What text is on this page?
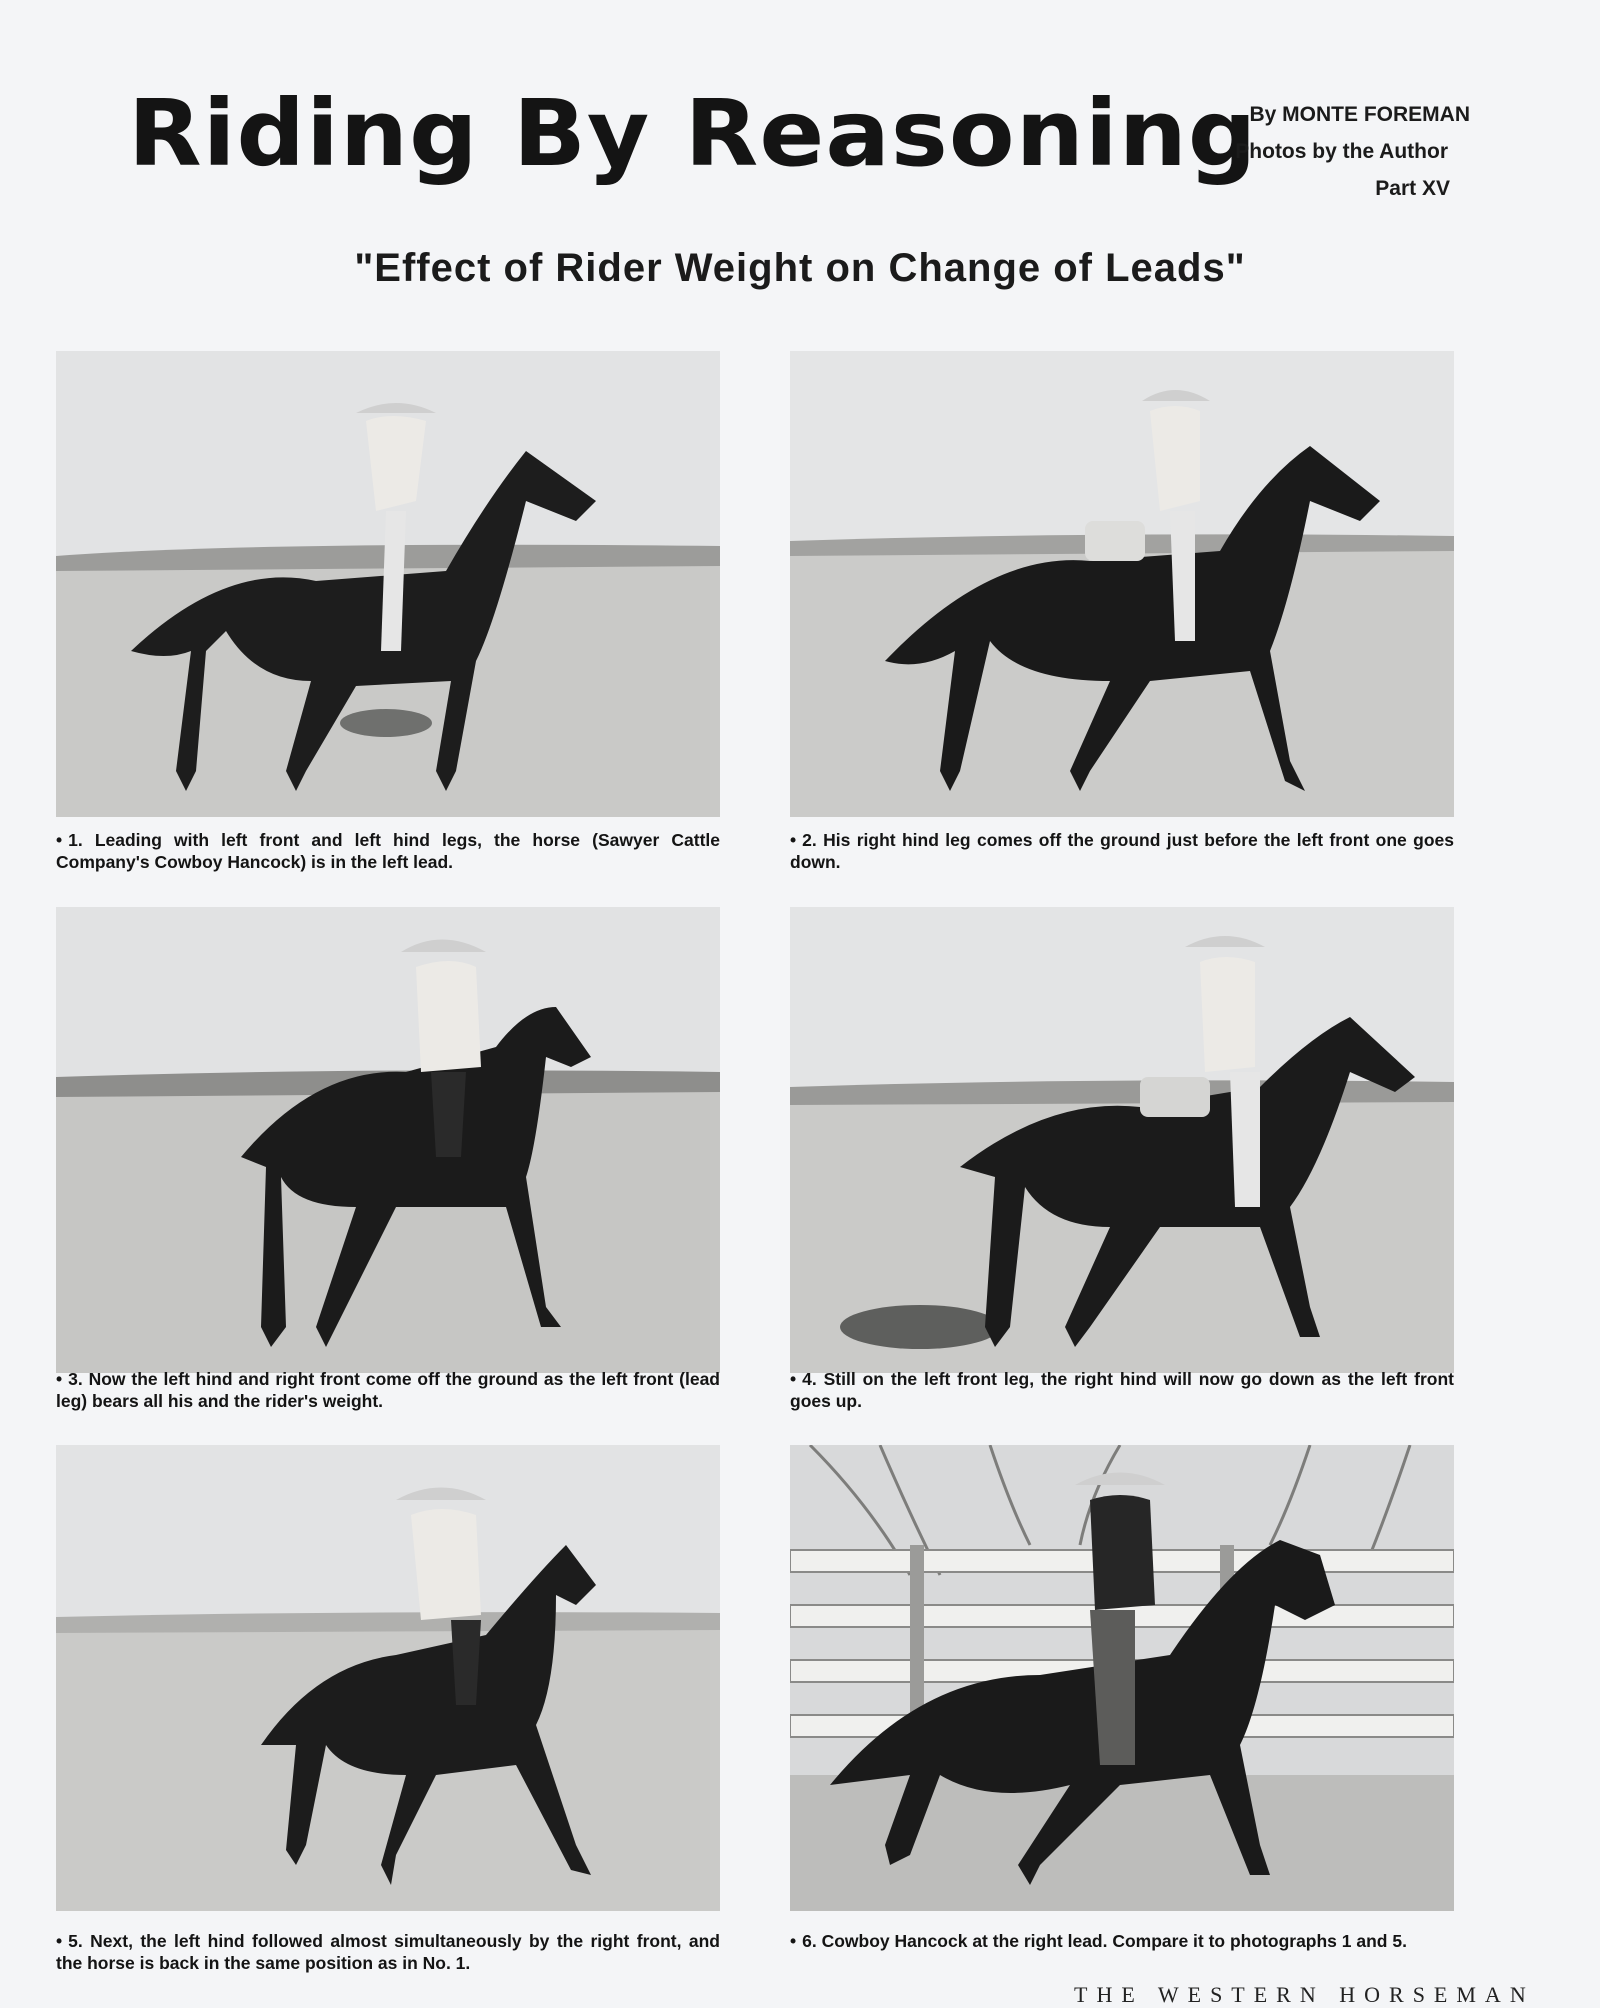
Riding By Reasoning
By MONTE FOREMAN
Photos by the Author
Part XV
"Effect of Rider Weight on Change of Leads"

• 1. Leading with left front and left hind legs, the horse (Sawyer Cattle Company's Cowboy Hancock) is in the left lead.

• 2. His right hind leg comes off the ground just before the left front one goes down.

• 3. Now the left hind and right front come off the ground as the left front (lead leg) bears all his and the rider's weight.

• 4. Still on the left front leg, the right hind will now go down as the left front goes up.

• 5. Next, the left hind followed almost simultaneously by the right front, and the horse is back in the same position as in No. 1.

• 6. Cowboy Hancock at the right lead. Compare it to photographs 1 and 5.

THE WESTERN HORSEMAN
